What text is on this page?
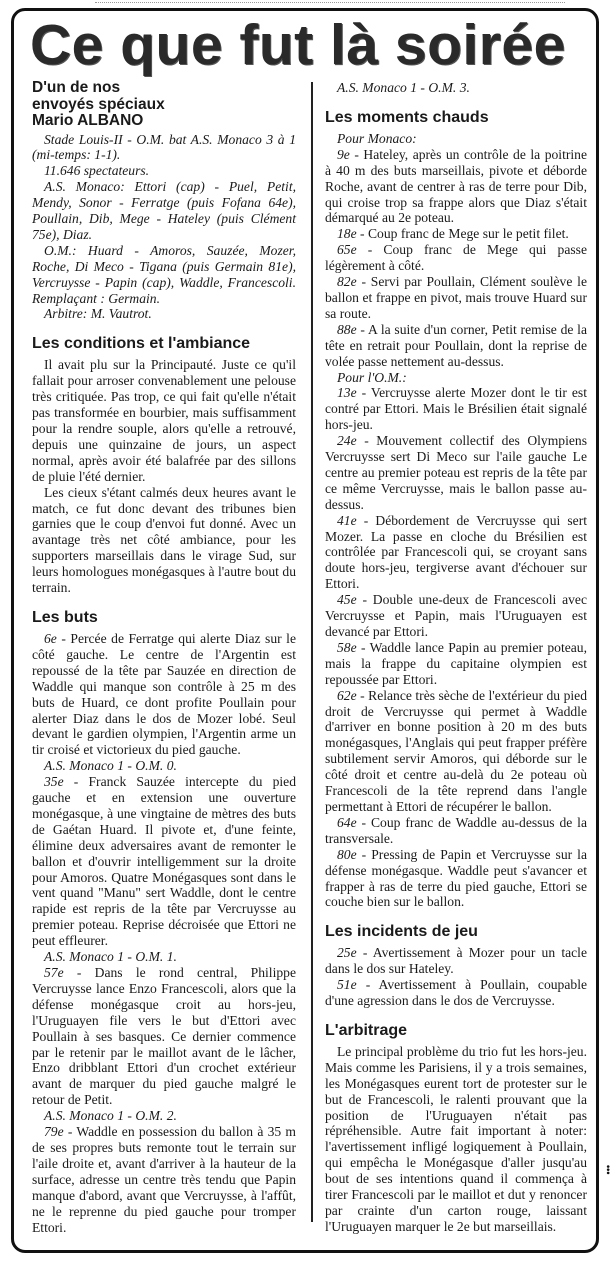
Ce que fut là soirée
D'un de nos
envoyés spéciaux
Mario ALBANO

Stade Louis-II - O.M. bat A.S. Monaco 3 à 1 (mi-temps: 1-1).

11.646 spectateurs.

A.S. Monaco: Ettori (cap) - Puel, Petit, Mendy, Sonor - Ferratge (puis Fofana 64e), Poullain, Dib, Mege - Hateley (puis Clément 75e), Diaz.

O.M.: Huard - Amoros, Sauzée, Mozer, Roche, Di Meco - Tigana (puis Germain 81e), Vercruysse - Papin (cap), Waddle, Francescoli. Remplaçant : Germain.

Arbitre: M. Vautrot.

Les conditions et l'ambiance

Il avait plu sur la Principauté. Juste ce qu'il fallait pour arroser convenablement une pelouse très critiquée. Pas trop, ce qui fait qu'elle n'était pas transformée en bourbier, mais suffisamment pour la rendre souple, alors qu'elle a retrouvé, depuis une quinzaine de jours, un aspect normal, après avoir été balafrée par des sillons de pluie l'été dernier.

Les cieux s'étant calmés deux heures avant le match, ce fut donc devant des tribunes bien garnies que le coup d'envoi fut donné. Avec un avantage très net côté ambiance, pour les supporters marseillais dans le virage Sud, sur leurs homologues monégasques à l'autre bout du terrain.

Les buts

6e - Percée de Ferratge qui alerte Diaz sur le côté gauche. Le centre de l'Argentin est repoussé de la tête par Sauzée en direction de Waddle qui manque son contrôle à 25 m des buts de Huard, ce dont profite Poullain pour alerter Diaz dans le dos de Mozer lobé. Seul devant le gardien olympien, l'Argentin arme un tir croisé et victorieux du pied gauche.

A.S. Monaco 1 - O.M. 0.

35e - Franck Sauzée intercepte du pied gauche et en extension une ouverture monégasque, à une vingtaine de mètres des buts de Gaétan Huard. Il pivote et, d'une feinte, élimine deux adversaires avant de remonter le ballon et d'ouvrir intelligemment sur la droite pour Amoros. Quatre Monégasques sont dans le vent quand "Manu" sert Waddle, dont le centre rapide est repris de la tête par Vercruysse au premier poteau. Reprise décroisée que Ettori ne peut effleurer.

A.S. Monaco 1 - O.M. 1.

57e - Dans le rond central, Philippe Vercruysse lance Enzo Francescoli, alors que la défense monégasque croit au hors-jeu, l'Uruguayen file vers le but d'Ettori avec Poullain à ses basques. Ce dernier commence par le retenir par le maillot avant de le lâcher, Enzo dribblant Ettori d'un crochet extérieur avant de marquer du pied gauche malgré le retour de Petit.

A.S. Monaco 1 - O.M. 2.

79e - Waddle en possession du ballon à 35 m de ses propres buts remonte tout le terrain sur l'aile droite et, avant d'arriver à la hauteur de la surface, adresse un centre très tendu que Papin manque d'abord, avant que Vercruysse, à l'affût, ne le reprenne du pied gauche pour tromper Ettori.

A.S. Monaco 1 - O.M. 3.

Les moments chauds

Pour Monaco:

9e - Hateley, après un contrôle de la poitrine à 40 m des buts marseillais, pivote et déborde Roche, avant de centrer à ras de terre pour Dib, qui croise trop sa frappe alors que Diaz s'était démarqué au 2e poteau.

18e - Coup franc de Mege sur le petit filet.

65e - Coup franc de Mege qui passe légèrement à côté.

82e - Servi par Poullain, Clément soulève le ballon et frappe en pivot, mais trouve Huard sur sa route.

88e - A la suite d'un corner, Petit remise de la tête en retrait pour Poullain, dont la reprise de volée passe nettement au-dessus.

Pour l'O.M.:

13e - Vercruysse alerte Mozer dont le tir est contré par Ettori. Mais le Brésilien était signalé hors-jeu.

24e - Mouvement collectif des Olympiens Vercruysse sert Di Meco sur l'aile gauche Le centre au premier poteau est repris de la tête par ce même Vercruysse, mais le ballon passe au-dessus.

41e - Débordement de Vercruysse qui sert Mozer. La passe en cloche du Brésilien est contrôlée par Francescoli qui, se croyant sans doute hors-jeu, tergiverse avant d'échouer sur Ettori.

45e - Double une-deux de Francescoli avec Vercruysse et Papin, mais l'Uruguayen est devancé par Ettori.

58e - Waddle lance Papin au premier poteau, mais la frappe du capitaine olympien est repoussée par Ettori.

62e - Relance très sèche de l'extérieur du pied droit de Vercruysse qui permet à Waddle d'arriver en bonne position à 20 m des buts monégasques, l'Anglais qui peut frapper préfère subtilement servir Amoros, qui déborde sur le côté droit et centre au-delà du 2e poteau où Francescoli de la tête reprend dans l'angle permettant à Ettori de récupérer le ballon.

64e - Coup franc de Waddle au-dessus de la transversale.

80e - Pressing de Papin et Vercruysse sur la défense monégasque. Waddle peut s'avancer et frapper à ras de terre du pied gauche, Ettori se couche bien sur le ballon.

Les incidents de jeu

25e - Avertissement à Mozer pour un tacle dans le dos sur Hateley.

51e - Avertissement à Poullain, coupable d'une agression dans le dos de Vercruysse.

L'arbitrage

Le principal problème du trio fut les hors-jeu. Mais comme les Parisiens, il y a trois semaines, les Monégasques eurent tort de protester sur le but de Francescoli, le ralenti prouvant que la position de l'Uruguayen n'était pas répréhensible. Autre fait important à noter: l'avertissement infligé logiquement à Poullain, qui empêcha le Monégasque d'aller jusqu'au bout de ses intentions quand il commença à tirer Francescoli par le maillot et dut y renoncer par crainte d'un carton rouge, laissant l'Uruguayen marquer le 2e but marseillais.

•••
